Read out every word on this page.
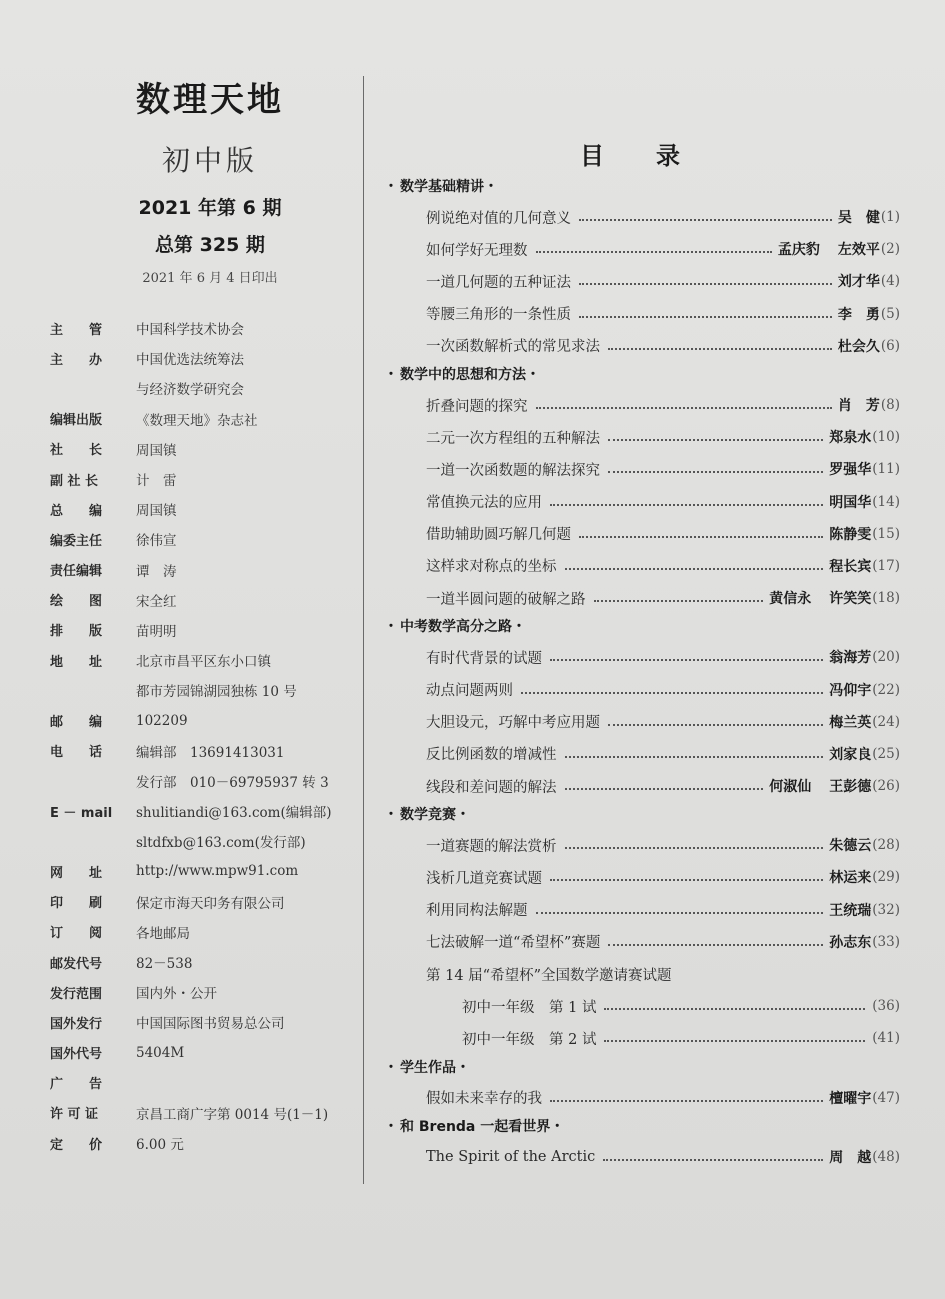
数理天地
初中版
2021 年第 6 期
总第 325 期
2021 年 6 月 4 日印出
主　　管	中国科学技术协会
主　　办	中国优选法统筹法
与经济数学研究会
编辑出版	《数理天地》杂志社
社　　长	周国镇
副 社 长	计　雷
总　　编	周国镇
编委主任	徐伟宣
责任编辑	谭　涛
绘　　图	宋全红
排　　版	苗明明
地　　址	北京市昌平区东小口镇
都市芳园锦湖园独栋 10 号
邮　　编	102209
电　　话	编辑部　13691413031
发行部　010－69795937 转 3
E － mail	shulitiandi@163.com(编辑部)
sltdfxb@163.com(发行部)
网　　址	http://www.mpw91.com
印　　刷	保定市海天印务有限公司
订　　阅	各地邮局
邮发代号	82－538
发行范围	国内外・公开
国外发行	中国国际图书贸易总公司
国外代号	5404M
广　　告
许 可 证	京昌工商广字第 0014 号(1－1)
定　　价	6.00 元
目录
・ 数学基础精讲・
例说绝对值的几何意义	吴　健 (1)
如何学好无理数	孟庆豹 左效平 (2)
一道几何题的五种证法	刘才华 (4)
等腰三角形的一条性质	李　勇 (5)
一次函数解析式的常见求法	杜会久 (6)
・ 数学中的思想和方法・
折叠问题的探究	肖　芳 (8)
二元一次方程组的五种解法	郑泉水 (10)
一道一次函数题的解法探究	罗强华 (11)
常值换元法的应用	明国华 (14)
借助辅助圆巧解几何题	陈静雯 (15)
这样求对称点的坐标	程长宾 (17)
一道半圆问题的破解之路	黄信永 许笑笑 (18)
・ 中考数学高分之路・
有时代背景的试题	翁海芳 (20)
动点问题两则	冯仰宇 (22)
大胆设元，巧解中考应用题	梅兰英 (24)
反比例函数的增减性	刘家良 (25)
线段和差问题的解法	何淑仙 王彭德 (26)
・ 数学竞赛・
一道赛题的解法赏析	朱德云 (28)
浅析几道竞赛试题	林运来 (29)
利用同构法解题	王统瑞 (32)
七法破解一道“希望杯”赛题	孙志东 (33)
第 14 届“希望杯”全国数学邀请赛试题
初中一年级　第 1 试	(36)
初中一年级　第 2 试	(41)
・ 学生作品・
假如未来幸存的我	檀曜宇 (47)
・ 和 Brenda 一起看世界・
The Spirit of the Arctic	周　越 (48)
